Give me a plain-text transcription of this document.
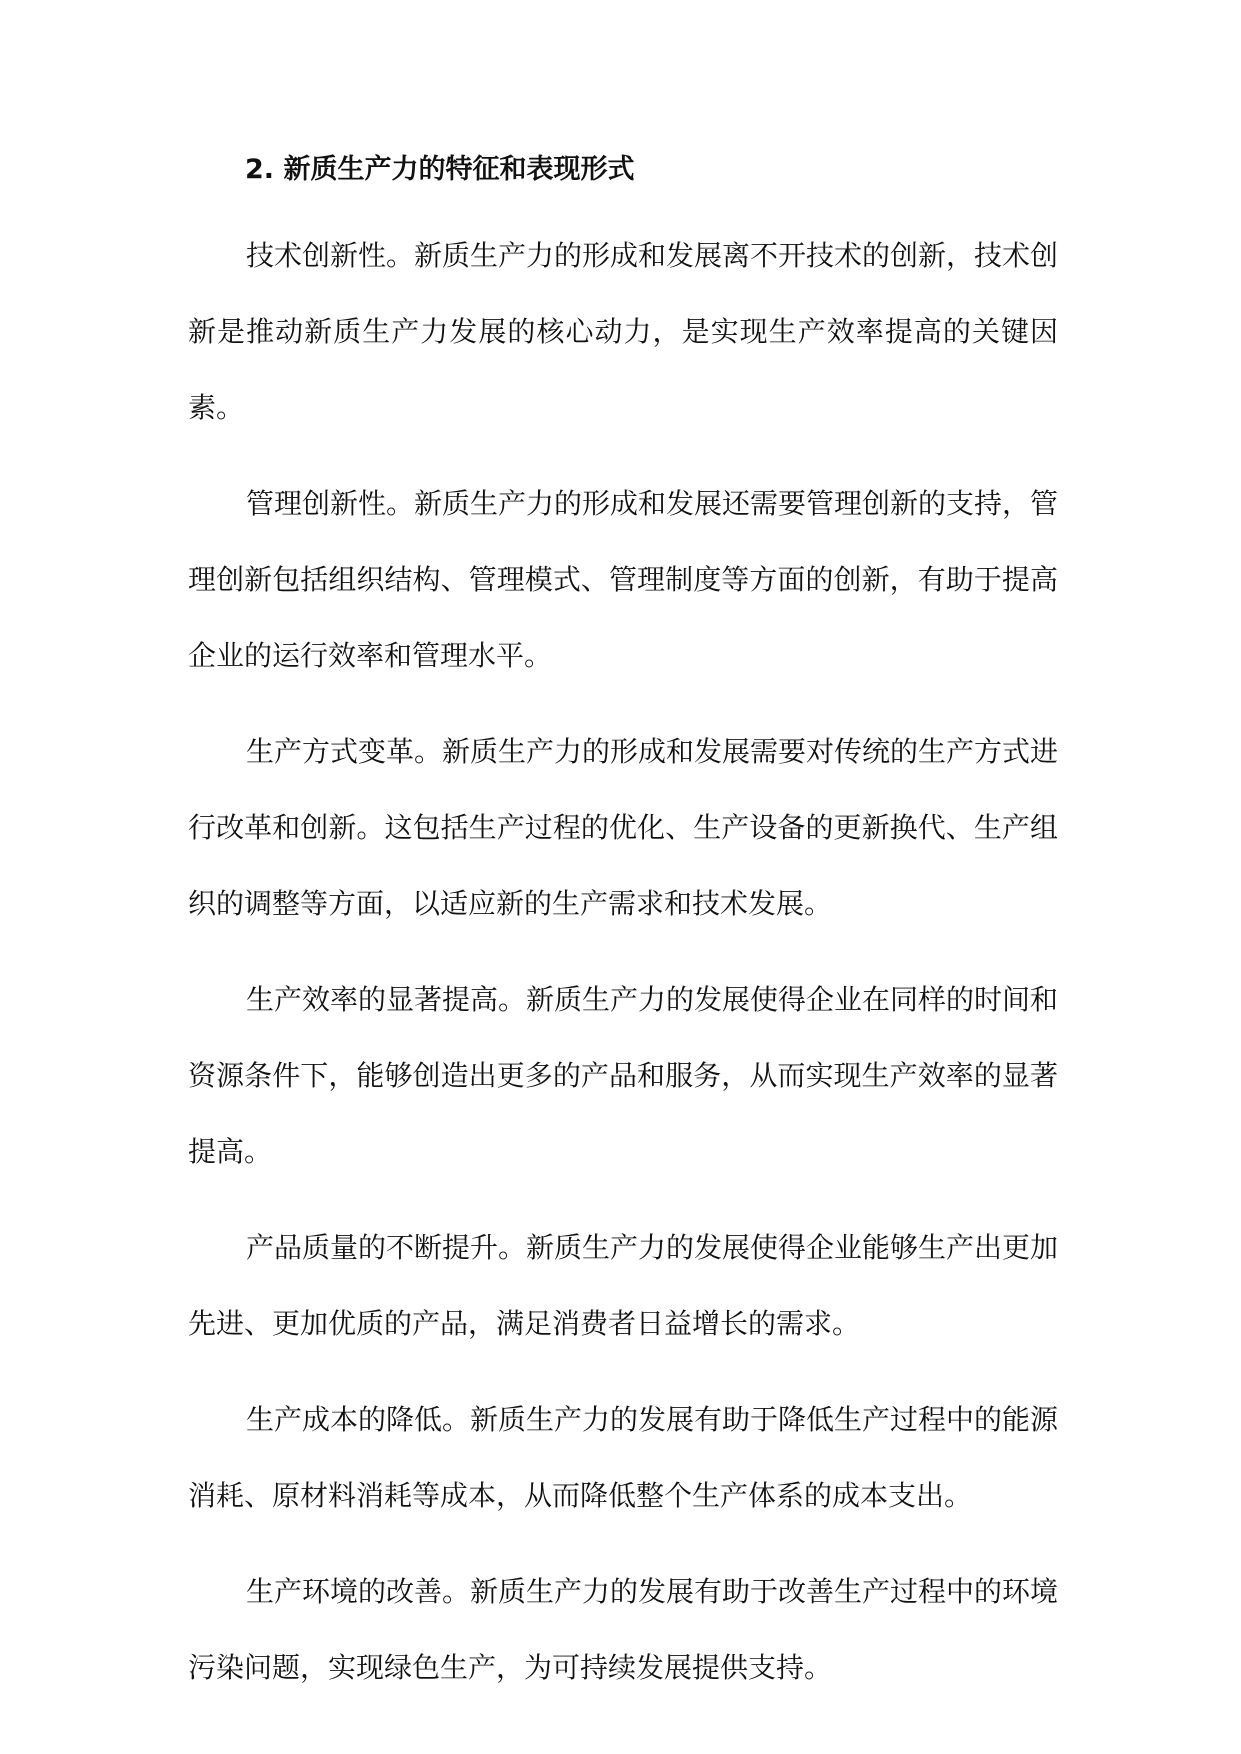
2. 新质生产力的特征和表现形式

技术创新性。新质生产力的形成和发展离不开技术的创新，技术创新是推动新质生产力发展的核心动力，是实现生产效率提高的关键因素。

管理创新性。新质生产力的形成和发展还需要管理创新的支持，管理创新包括组织结构、管理模式、管理制度等方面的创新，有助于提高企业的运行效率和管理水平。

生产方式变革。新质生产力的形成和发展需要对传统的生产方式进行改革和创新。这包括生产过程的优化、生产设备的更新换代、生产组织的调整等方面，以适应新的生产需求和技术发展。

生产效率的显著提高。新质生产力的发展使得企业在同样的时间和资源条件下，能够创造出更多的产品和服务，从而实现生产效率的显著提高。

产品质量的不断提升。新质生产力的发展使得企业能够生产出更加先进、更加优质的产品，满足消费者日益增长的需求。

生产成本的降低。新质生产力的发展有助于降低生产过程中的能源消耗、原材料消耗等成本，从而降低整个生产体系的成本支出。

生产环境的改善。新质生产力的发展有助于改善生产过程中的环境污染问题，实现绿色生产，为可持续发展提供支持。
